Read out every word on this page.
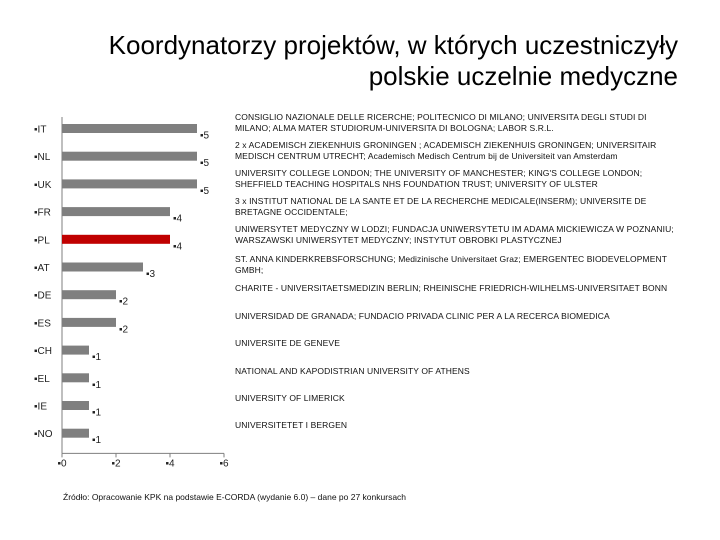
Koordynatorzy projektów, w których uczestniczyły
polskie uczelnie medyczne
▪0	▪2	▪4	▪6
▪IT
▪5
▪NL
▪5
▪UK
▪5
▪FR
▪4
▪PL
▪4
▪AT
▪3
▪DE
▪2
▪ES
▪2
▪CH
▪1
▪EL
▪1
▪IE
▪1
▪NO
▪1
CONSIGLIO NAZIONALE DELLE RICERCHE; POLITECNICO DI MILANO; UNIVERSITA DEGLI STUDI DI MILANO; ALMA MATER STUDIORUM-UNIVERSITA DI BOLOGNA; LABOR S.R.L.
2 x ACADEMISCH ZIEKENHUIS GRONINGEN ; ACADEMISCH ZIEKENHUIS GRONINGEN; UNIVERSITAIR MEDISCH CENTRUM UTRECHT; Academisch Medisch Centrum bij de Universiteit van Amsterdam
UNIVERSITY COLLEGE LONDON; THE UNIVERSITY OF MANCHESTER; KING'S COLLEGE LONDON; SHEFFIELD TEACHING HOSPITALS NHS FOUNDATION TRUST; UNIVERSITY OF ULSTER
3 x INSTITUT NATIONAL DE LA SANTE ET DE LA RECHERCHE MEDICALE(INSERM); UNIVERSITE DE BRETAGNE OCCIDENTALE;
UNIWERSYTET MEDYCZNY W LODZI; FUNDACJA UNIWERSYTETU IM ADAMA MICKIEWICZA W POZNANIU; WARSZAWSKI UNIWERSYTET MEDYCZNY; INSTYTUT OBROBKI PLASTYCZNEJ
ST. ANNA KINDERKREBSFORSCHUNG; Medizinische Universitaet Graz; EMERGENTEC BIODEVELOPMENT GMBH;
CHARITE - UNIVERSITAETSMEDIZIN BERLIN; RHEINISCHE FRIEDRICH-WILHELMS-UNIVERSITAET BONN
UNIVERSIDAD DE GRANADA; FUNDACIO PRIVADA CLINIC PER A LA RECERCA BIOMEDICA
UNIVERSITE DE GENEVE
NATIONAL AND KAPODISTRIAN UNIVERSITY OF ATHENS
UNIVERSITY OF LIMERICK
UNIVERSITETET I BERGEN
Źródło: Opracowanie KPK na podstawie E-CORDA (wydanie 6.0) – dane po 27 konkursach
